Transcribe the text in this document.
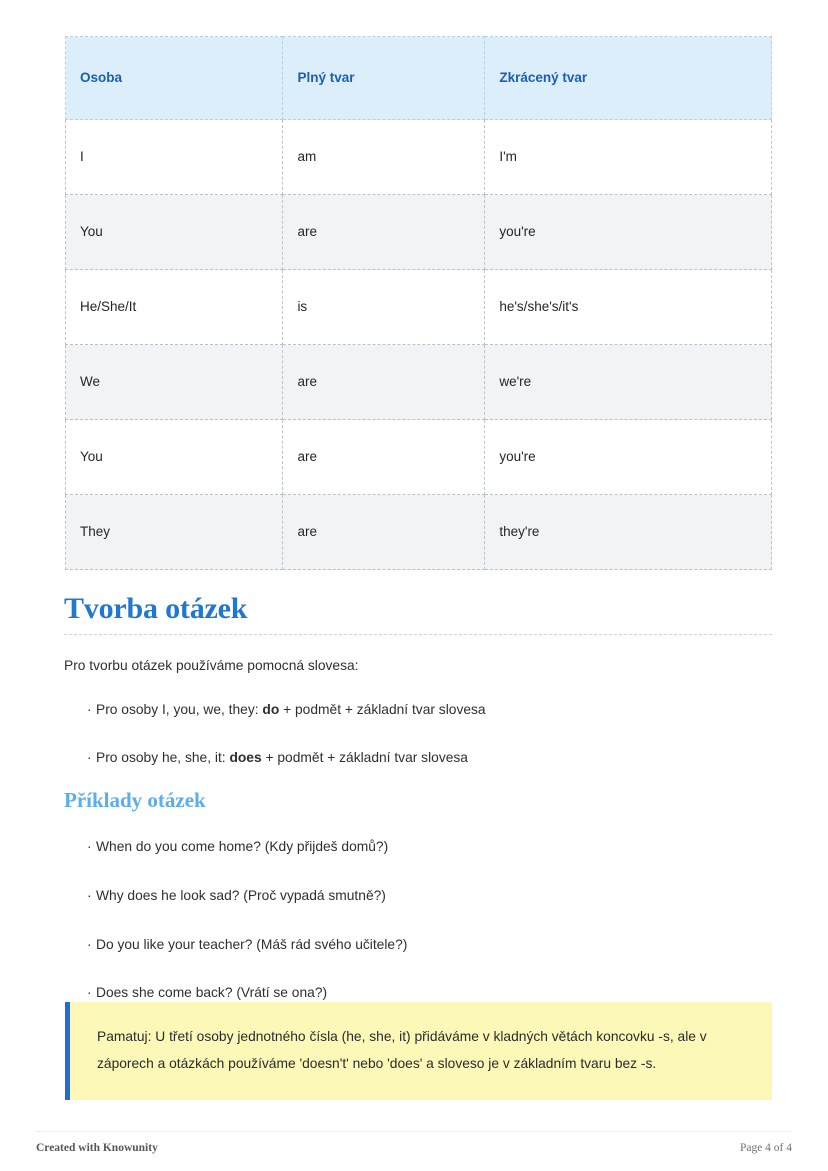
Osoba	Plný tvar	Zkrácený tvar
I	am	I'm
You	are	you're
He/She/It	is	he's/she's/it's
We	are	we're
You	are	you're
They	are	they're
Tvorba otázek
Pro tvorbu otázek používáme pomocná slovesa:
· Pro osoby I, you, we, they: do + podmět + základní tvar slovesa
· Pro osoby he, she, it: does + podmět + základní tvar slovesa
Příklady otázek
· When do you come home? (Kdy přijdeš domů?)
· Why does he look sad? (Proč vypadá smutně?)
· Do you like your teacher? (Máš rád svého učitele?)
· Does she come back? (Vrátí se ona?)

Pamatuj: U třetí osoby jednotného čísla (he, she, it) přidáváme v kladných větách koncovku -s, ale v záporech a otázkách používáme 'doesn't' nebo 'does' a sloveso je v základním tvaru bez -s.

Created with Knowunity	Page 4 of 4
